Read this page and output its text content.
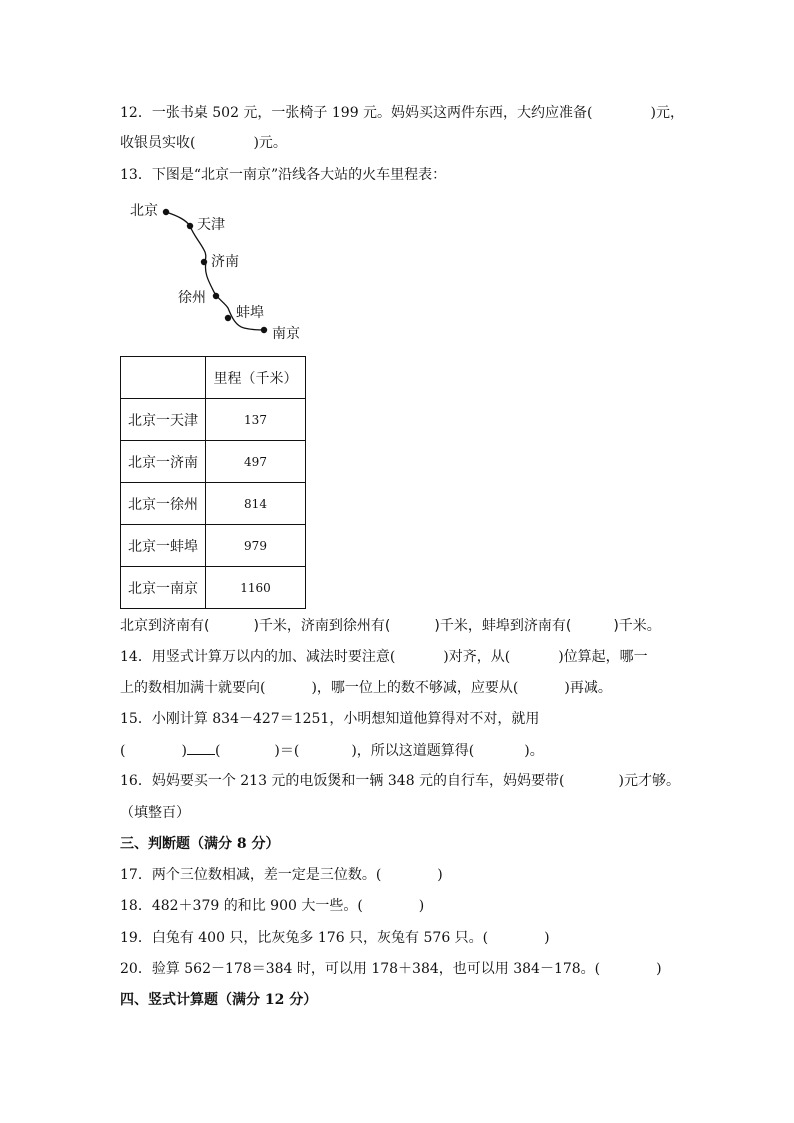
12．一张书桌 502 元，一张椅子 199 元。妈妈买这两件东西，大约应准备(	)元，
收银员实收(	)元。
13．下图是“北京一南京”沿线各大站的火车里程表：
北京
天津
济南
徐州
蚌埠
南京
	里程（千米）
北京一天津	137
北京一济南	497
北京一徐州	814
北京一蚌埠	979
北京一南京	1160
北京到济南有(	)千米，济南到徐州有(	)千米，蚌埠到济南有(	)千米。
14．用竖式计算万以内的加、减法时要注意(	)对齐，从(	)位算起，哪一
上的数相加满十就要向(	)，哪一位上的数不够减，应要从(	)再减。
15．小刚计算 834－427＝1251，小明想知道他算得对不对，就用
(	) (	)＝(	)，所以这道题算得(	)。
16．妈妈要买一个 213 元的电饭煲和一辆 348 元的自行车，妈妈要带(	)元才够。
（填整百）
三、判断题（满分 8 分）
17．两个三位数相减，差一定是三位数。(	)
18．482＋379 的和比 900 大一些。(	)
19．白兔有 400 只，比灰兔多 176 只，灰兔有 576 只。(	)
20．验算 562－178＝384 时，可以用 178＋384，也可以用 384－178。(	)
四、竖式计算题（满分 12 分）
